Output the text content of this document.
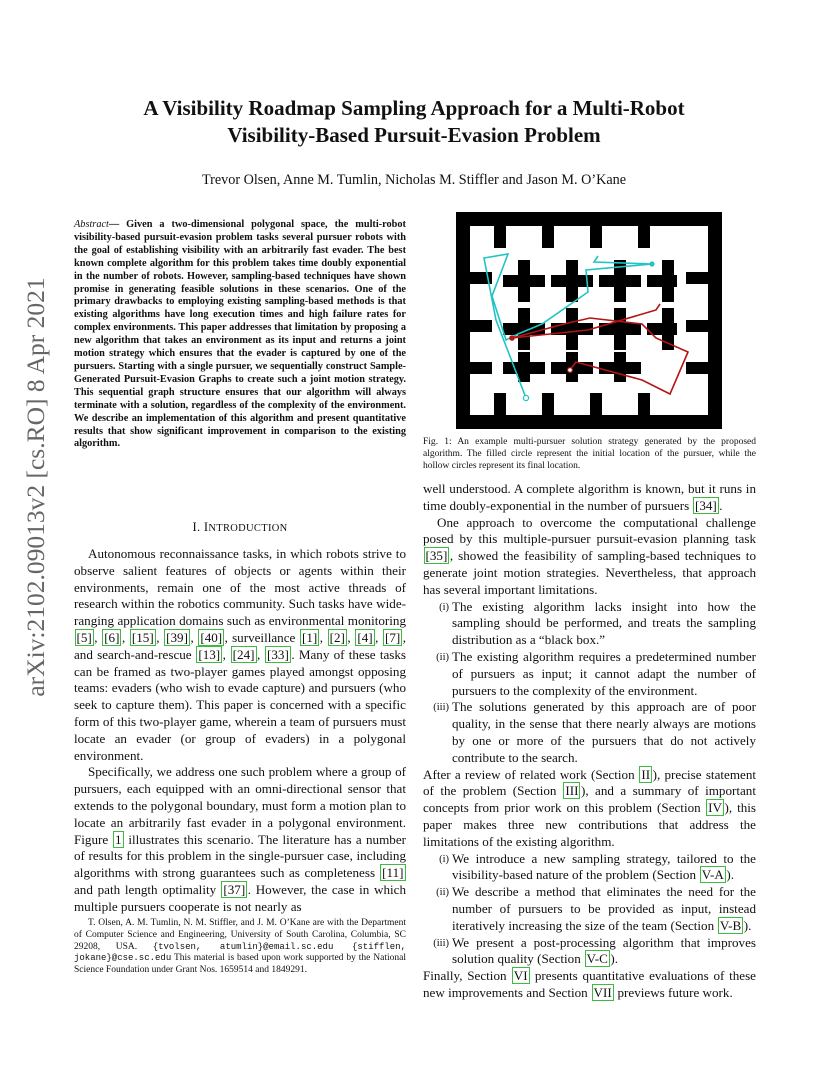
A Visibility Roadmap Sampling Approach for a Multi-Robot
Visibility-Based Pursuit-Evasion Problem
Trevor Olsen, Anne M. Tumlin, Nicholas M. Stiffler and Jason M. O’Kane
arXiv:2102.09013v2 [cs.RO] 8 Apr 2021
Abstract— Given a two-dimensional polygonal space, the multi-robot visibility-based pursuit-evasion problem tasks several pursuer robots with the goal of establishing visibility with an arbitrarily fast evader. The best known complete algorithm for this problem takes time doubly exponential in the number of robots. However, sampling-based techniques have shown promise in generating feasible solutions in these scenarios. One of the primary drawbacks to employing existing sampling-based methods is that existing algorithms have long execution times and high failure rates for complex environments. This paper addresses that limitation by proposing a new algorithm that takes an environment as its input and returns a joint motion strategy which ensures that the evader is captured by one of the pursuers. Starting with a single pursuer, we sequentially construct Sample-Generated Pursuit-Evasion Graphs to create such a joint motion strategy. This sequential graph structure ensures that our algorithm will always terminate with a solution, regardless of the complexity of the environment. We describe an implementation of this algorithm and present quantitative results that show significant improvement in comparison to the existing algorithm.
I. INTRODUCTION

Autonomous reconnaissance tasks, in which robots strive to observe salient features of objects or agents within their environments, remain one of the most active threads of research within the robotics community. Such tasks have wide-ranging application domains such as environmental monitoring [5] , [6] , [15] , [39] , [40] , surveillance [1] , [2] , [4] , [7] , and search-and-rescue [13] , [24] , [33] . Many of these tasks can be framed as two-player games played amongst opposing teams: evaders (who wish to evade capture) and pursuers (who seek to capture them). This paper is concerned with a specific form of this two-player game, wherein a team of pursuers must locate an evader (or group of evaders) in a polygonal environment.

Specifically, we address one such problem where a group of pursuers, each equipped with an omni-directional sensor that extends to the polygonal boundary, must form a motion plan to locate an arbitrarily fast evader in a polygonal environment. Figure 1 illustrates this scenario. The literature has a number of results for this problem in the single-pursuer case, including algorithms with strong guarantees such as completeness [11] and path length optimality [37] . However, the case in which multiple pursuers cooperate is not nearly as

T. Olsen, A. M. Tumlin, N. M. Stiffler, and J. M. O’Kane are with the Department of Computer Science and Engineering, University of South Carolina, Columbia, SC 29208, USA. {tvolsen, atumlin}@email.sc.edu {stifflen, jokane}@cse.sc.edu This material is based upon work supported by the National Science Foundation under Grant Nos. 1659514 and 1849291.
Fig. 1: An example multi-pursuer solution strategy generated by the proposed algorithm. The filled circle represent the initial location of the pursuer, while the hollow circles represent its final location.

well understood. A complete algorithm is known, but it runs in time doubly-exponential in the number of pursuers [34] .

One approach to overcome the computational challenge posed by this multiple-pursuer pursuit-evasion planning task [35] , showed the feasibility of sampling-based techniques to generate joint motion strategies. Nevertheless, that approach has several important limitations.

(i) The existing algorithm lacks insight into how the sampling should be performed, and treats the sampling distribution as a “black box.”
(ii) The existing algorithm requires a predetermined number of pursuers as input; it cannot adapt the number of pursuers to the complexity of the environment.
(iii) The solutions generated by this approach are of poor quality, in the sense that there nearly always are motions by one or more of the pursuers that do not actively contribute to the search.

After a review of related work (Section II ), precise statement of the problem (Section III ), and a summary of important concepts from prior work on this problem (Section IV ), this paper makes three new contributions that address the limitations of the existing algorithm.

(i) We introduce a new sampling strategy, tailored to the visibility-based nature of the problem (Section V-A ).
(ii) We describe a method that eliminates the need for the number of pursuers to be provided as input, instead iteratively increasing the size of the team (Section V-B ).
(iii) We present a post-processing algorithm that improves solution quality (Section V-C ).

Finally, Section VI presents quantitative evaluations of these new improvements and Section VII previews future work.
